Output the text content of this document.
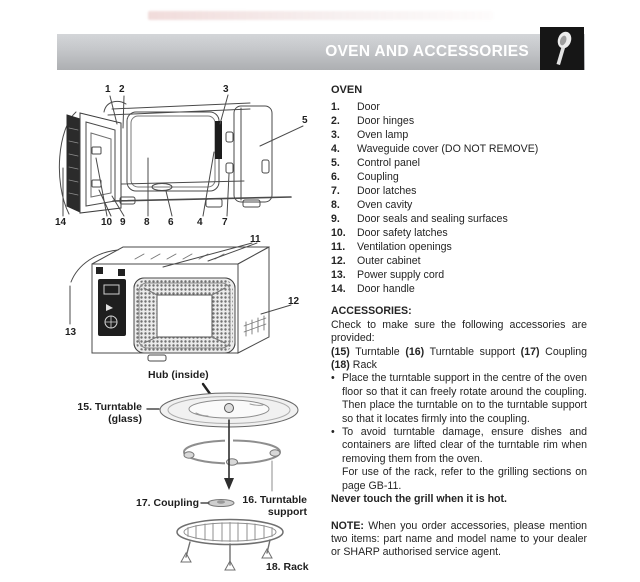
OVEN AND ACCESSORIES
1 2	3
5
14	10 9 8 6 4 7
11
12
13
Hub (inside)
15. Turntable
(glass)
17. Coupling	16. Turntable
support
18. Rack

OVEN

1.	Door
2.	Door hinges
3.	Oven lamp
4.	Waveguide cover (DO NOT REMOVE)
5.	Control panel
6.	Coupling
7.	Door latches
8.	Oven cavity
9.	Door seals and sealing surfaces
10.	Door safety latches
11.	Ventilation openings
12.	Outer cabinet
13.	Power supply cord
14.	Door handle

ACCESSORIES:

Check to make sure the following accessories are provided:

(15) Turntable (16) Turntable support (17) Coupling (18) Rack

• Place the turntable support in the centre of the oven floor so that it can freely rotate around the coupling. Then place the turntable on to the turntable support so that it locates firmly into the coupling.

• To avoid turntable damage, ensure dishes and containers are lifted clear of the turntable rim when removing them from the oven.

For use of the rack, refer to the grilling sections on page GB-11.

Never touch the grill when it is hot.

NOTE: When you order accessories, please mention two items: part name and model name to your dealer or SHARP authorised service agent.
